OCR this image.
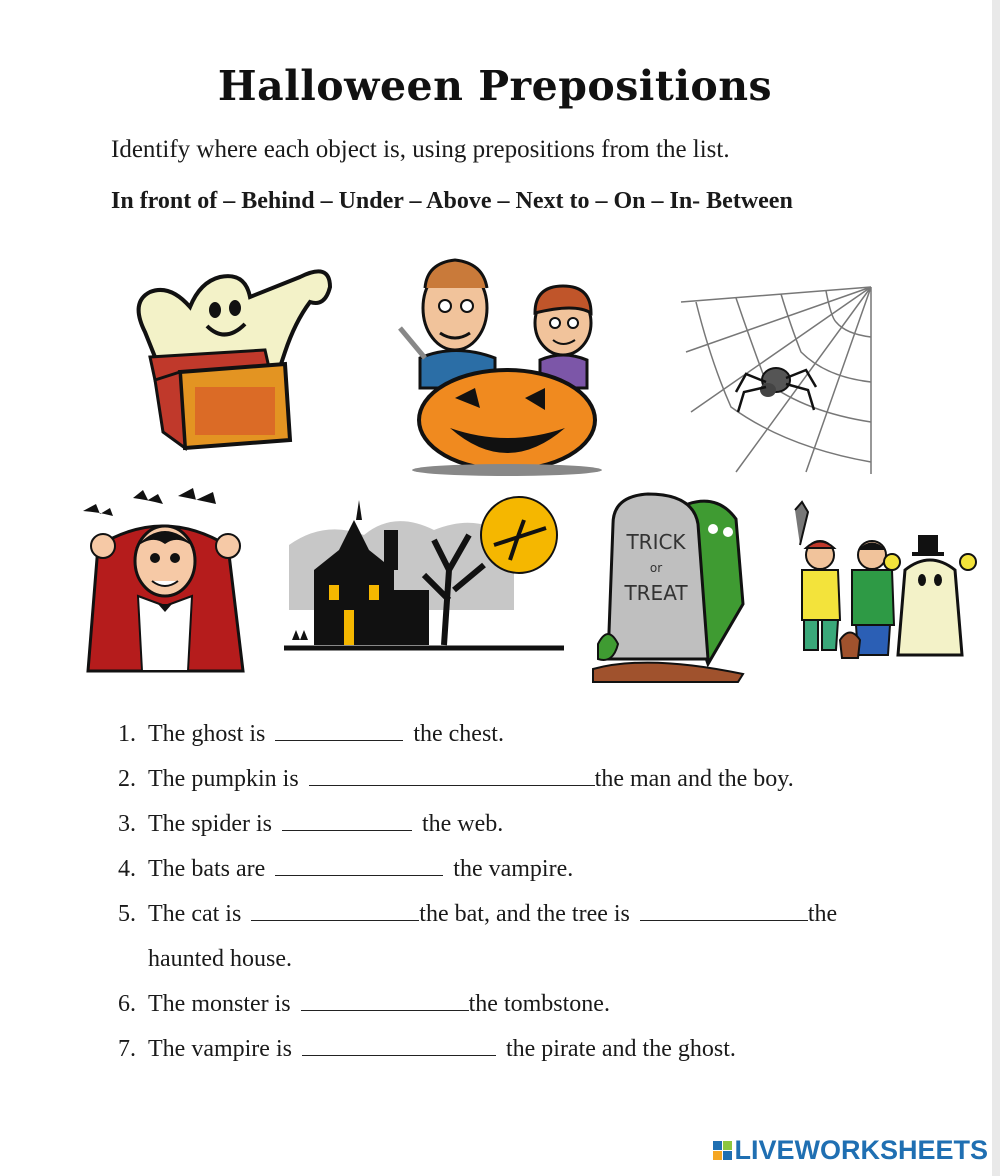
Halloween Prepositions
Identify where each object is, using prepositions from the list.
In front of – Behind – Under – Above – Next to – On – In- Between
TRICK
or
TREAT
1. The ghost is	the chest.
2. The pumpkin is	the man and the boy.
3. The spider is	the web.
4. The bats are	the vampire.
5. The cat is	the bat, and the tree is	the
haunted house.
6. The monster is	the tombstone.
7. The vampire is	the pirate and the ghost.
LIVEWORKSHEETS
